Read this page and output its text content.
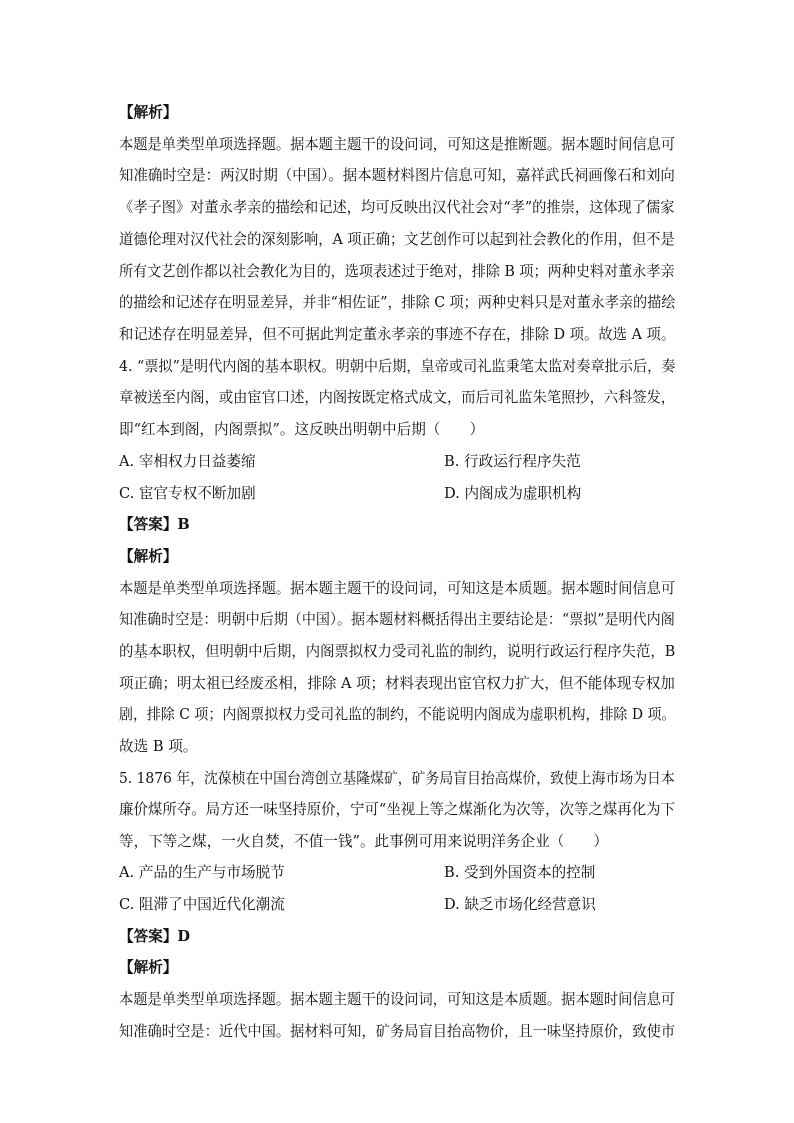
【解析】
本题是单类型单项选择题。据本题主题干的设问词，可知这是推断题。据本题时间信息可
知准确时空是：两汉时期（中国）。据本题材料图片信息可知，嘉祥武氏祠画像石和刘向
《孝子图》对董永孝亲的描绘和记述，均可反映出汉代社会对“孝”的推崇，这体现了儒家
道德伦理对汉代社会的深刻影响，A 项正确；文艺创作可以起到社会教化的作用，但不是
所有文艺创作都以社会教化为目的，选项表述过于绝对，排除 B 项；两种史料对董永孝亲
的描绘和记述存在明显差异，并非“相佐证”，排除 C 项；两种史料只是对董永孝亲的描绘
和记述存在明显差异，但不可据此判定董永孝亲的事迹不存在，排除 D 项。故选 A 项。
4. “票拟”是明代内阁的基本职权。明朝中后期，皇帝或司礼监秉笔太监对奏章批示后，奏
章被送至内阁，或由宦官口述，内阁按既定格式成文，而后司礼监朱笔照抄，六科签发，
即“红本到阁，内阁票拟”。这反映出明朝中后期（　　）
A. 宰相权力日益萎缩	B. 行政运行程序失范
C. 宦官专权不断加剧	D. 内阁成为虚职机构
【答案】B
【解析】
本题是单类型单项选择题。据本题主题干的设问词，可知这是本质题。据本题时间信息可
知准确时空是：明朝中后期（中国）。据本题材料概括得出主要结论是：“票拟”是明代内阁
的基本职权，但明朝中后期，内阁票拟权力受司礼监的制约，说明行政运行程序失范，B
项正确；明太祖已经废丞相，排除 A 项；材料表现出宦官权力扩大，但不能体现专权加
剧，排除 C 项；内阁票拟权力受司礼监的制约，不能说明内阁成为虚职机构，排除 D 项。
故选 B 项。
5. 1876 年，沈葆桢在中国台湾创立基隆煤矿，矿务局盲目抬高煤价，致使上海市场为日本
廉价煤所夺。局方还一味坚持原价，宁可“坐视上等之煤渐化为次等，次等之煤再化为下
等，下等之煤，一火自焚，不值一钱”。此事例可用来说明洋务企业（　　）
A. 产品的生产与市场脱节	B. 受到外国资本的控制
C. 阻滞了中国近代化潮流	D. 缺乏市场化经营意识
【答案】D
【解析】
本题是单类型单项选择题。据本题主题干的设问词，可知这是本质题。据本题时间信息可
知准确时空是：近代中国。据材料可知，矿务局盲目抬高物价，且一味坚持原价，致使市
